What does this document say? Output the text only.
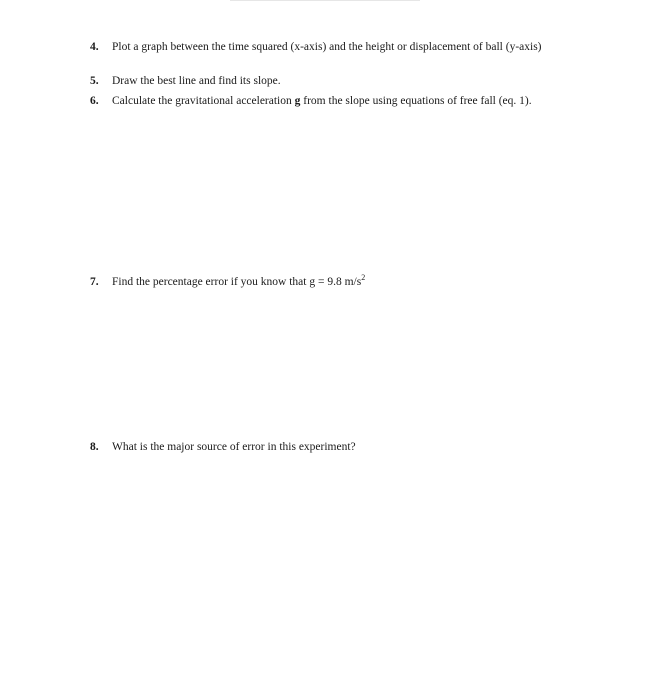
4.	Plot a graph between the time squared (x-axis) and the height or displacement of ball (y-axis)
5.	Draw the best line and find its slope.
6.	Calculate the gravitational acceleration g from the slope using equations of free fall (eq. 1).
7.	Find the percentage error if you know that g = 9.8 $m/s^2$
8.	What is the major source of error in this experiment?
